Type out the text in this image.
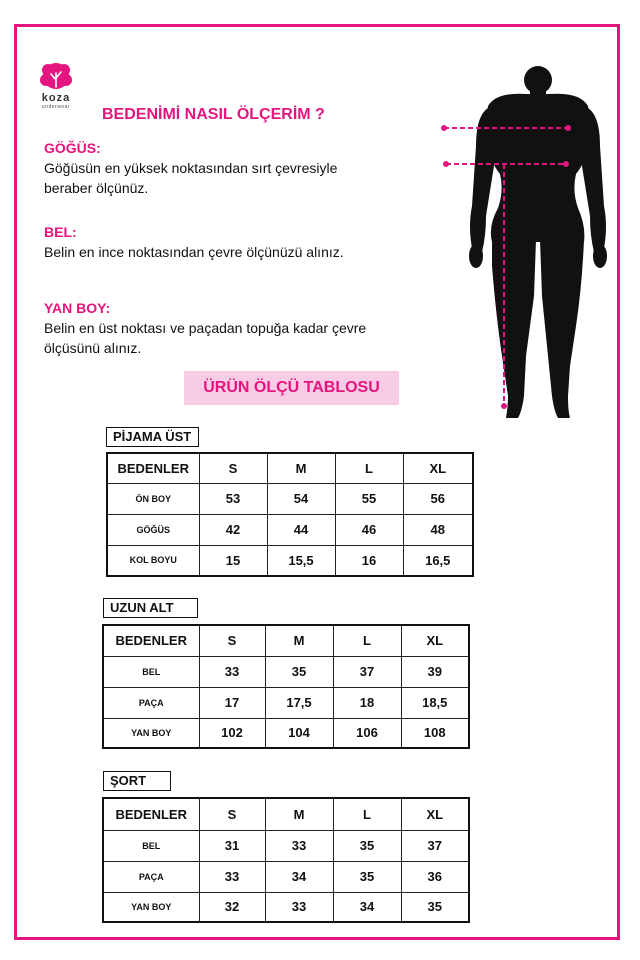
koza
underwear	BEDENİMİ NASIL ÖLÇERİM ?
GÖĞÜS:
Göğüsün en yüksek noktasından sırt çevresiyle beraber ölçünüz.
BEL:
Belin en ince noktasından çevre ölçünüzü alınız.
YAN BOY:
Belin en üst noktası ve paçadan topuğa kadar çevre ölçüsünü alınız.
ÜRÜN ÖLÇÜ TABLOSU
PİJAMA ÜST
BEDENLER	S	M	L	XL
ÖN BOY	53	54	55	56
GÖĞÜS	42	44	46	48
KOL BOYU	15	15,5	16	16,5
UZUN ALT
BEDENLER	S	M	L	XL
BEL	33	35	37	39
PAÇA	17	17,5	18	18,5
YAN BOY	102	104	106	108
ŞORT
BEDENLER	S	M	L	XL
BEL	31	33	35	37
PAÇA	33	34	35	36
YAN BOY	32	33	34	35
